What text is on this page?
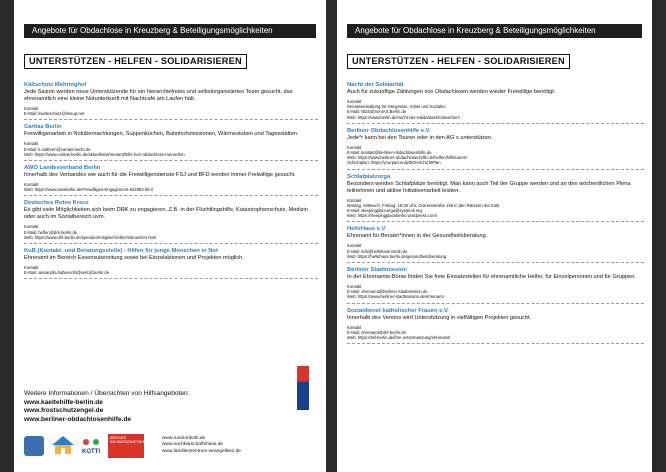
Angebote für Obdachlose in Kreuzberg & Beteiligungsmöglichkeiten
UNTERSTÜTZEN - HELFEN - SOLIDARISIEREN
Kältschutz Mehringhof
Jede Saison werden neue Unterstützende für ein hierarchiefreies und selbstorganisiertes Team gesucht, das ehrenamtlich eine kleine Notunterkunft mit Nachtcafé am Laufen hält.
Kontakt
E-Mail: kaelteschutz@riseup.net
Caritas Berlin
Freiwilligenarbeit in Notübernachtungen, Suppenküchen, Bahnhofsmissionen, Wärmestuben und Tagesstätten.
Kontakt
E-Mail: k.eidthorn@caritas-berlin.de
Web: https://www.caritas-berlin.de/aktuelles/ehrenamt/hilfe-fuer-obdachlose-menschen
AWO Landesverband Berlin
Innerhalb des Verbandes wie auch für die Freiwilligendienste FSJ und BFD werden immer Freiwillige gesucht.
Kontakt
Web: https://www.awoberlin.de/Freiwilliges-Engagement-842983.html
Deutsches Rotes Kreuz
Es gibt viele Möglichkeiten sich beim DRK zu engagieren. Z.B. in der Flüchtlingshilfe, Katastrophenschutz, Medizin oder auch im Sozialbereich uvm.
Kontakt
E-Mail: helfen@drk-berlin.de
Web: https://www.drk-berlin.de/spenden/mitglied-helfer/mitmachen.html
KuB (Kontakt- und Beratungsstelle) - Hilfen für junge Menschen in Not
Ehrenamt im Bereich Essensubereitung sowie bei Einzelaktionen und Projekten möglich.
Kontakt
E-Mail: alexandra.haberecht@senbjf.berlin.de
Weitere Informationen / Übersichten von Hilfsangeboten:
www.kaeltehilfe-berlin.de
www.frostschutzengel.de
www.berliner-obdachlosenhilfe.de
KOTTI
BERLINER NACHBARSCHAFTSHILFE
www.rundumkotti.de
www.nachbarschaftshaus.de
www.familienzentrum-wrangelkiez.de
Angebote für Obdachlose in Kreuzberg & Beteiligungsmöglichkeiten
UNTERSTÜTZEN - HELFEN - SOLIDARISIEREN
Nacht der Solidarität
Auch für zukünftige Zählungen von Obdachlosen werden wieder Freiwillige benötigt.
Kontakt
Senatsverwaltung für Integration, Arbeit und Soziales
E-Mail: NDS@SenIAS.Berlin.de
Web: https://www.berlin.de/nacht-der-solidaritaet/mitmachen/
Berliner Obdachlosenhilfe e.V.
Jede*r kann bei den Touren oder in den AG´s unterstützen.
Kontakt
E-Mail: kontakt@berliner-obdachlosenhilfe.de
Web: https://www.berliner-obdachlosenhilfe.de/helfen/hilfstouren/
Schichtplan: https://yourpart.eu/p/BOHSchichtPlan
Schlafplatzorga
Besonders werden Schlafplätze benötigt. Man kann auch Teil der Gruppe werden und an den wöchentlichen Plena teilnehmen und aktive Initiativenarbeit leisten.
Kontakt
Montag, Mittwoch, Freitag: 18-20 Uhr, Oranienstraße 159 in den Räumen der KuB
E-Mail: sleepingplaceorga@systemli.org
Web: https://sleepingplaceberlin.wordpress.com/
HelleHaus e.V.
Ehrenamt für Berater*innen in der Gesundheitsberatung.
Kontakt
E-Mail: info@hellehaus-berlin.de
Web: https://hellehaus-berlin.de/gesundheitsberatung
Berliner Stadtmission
In der Ehrenamts-Börse finden Sie freie Einsatzstellen für ehrenamtliche Helfer, für Einzelpersonen und für Gruppen.
Kontakt
E-Mail: ehrenamt@berliner-stadtmission.de
Web: https://www.berliner-stadtmission.de/ehrenamt
Sozialdienst katholischer Frauen e.V.
Innerhalb des Vereins wird Unterstützung in vielfältigen Projekten gesucht.
Kontakt
E-Mail: ehrenamt@skf-berlin.de
Web: https://skf-berlin.de/ihre-unterstuetzung/ehrenamt/
